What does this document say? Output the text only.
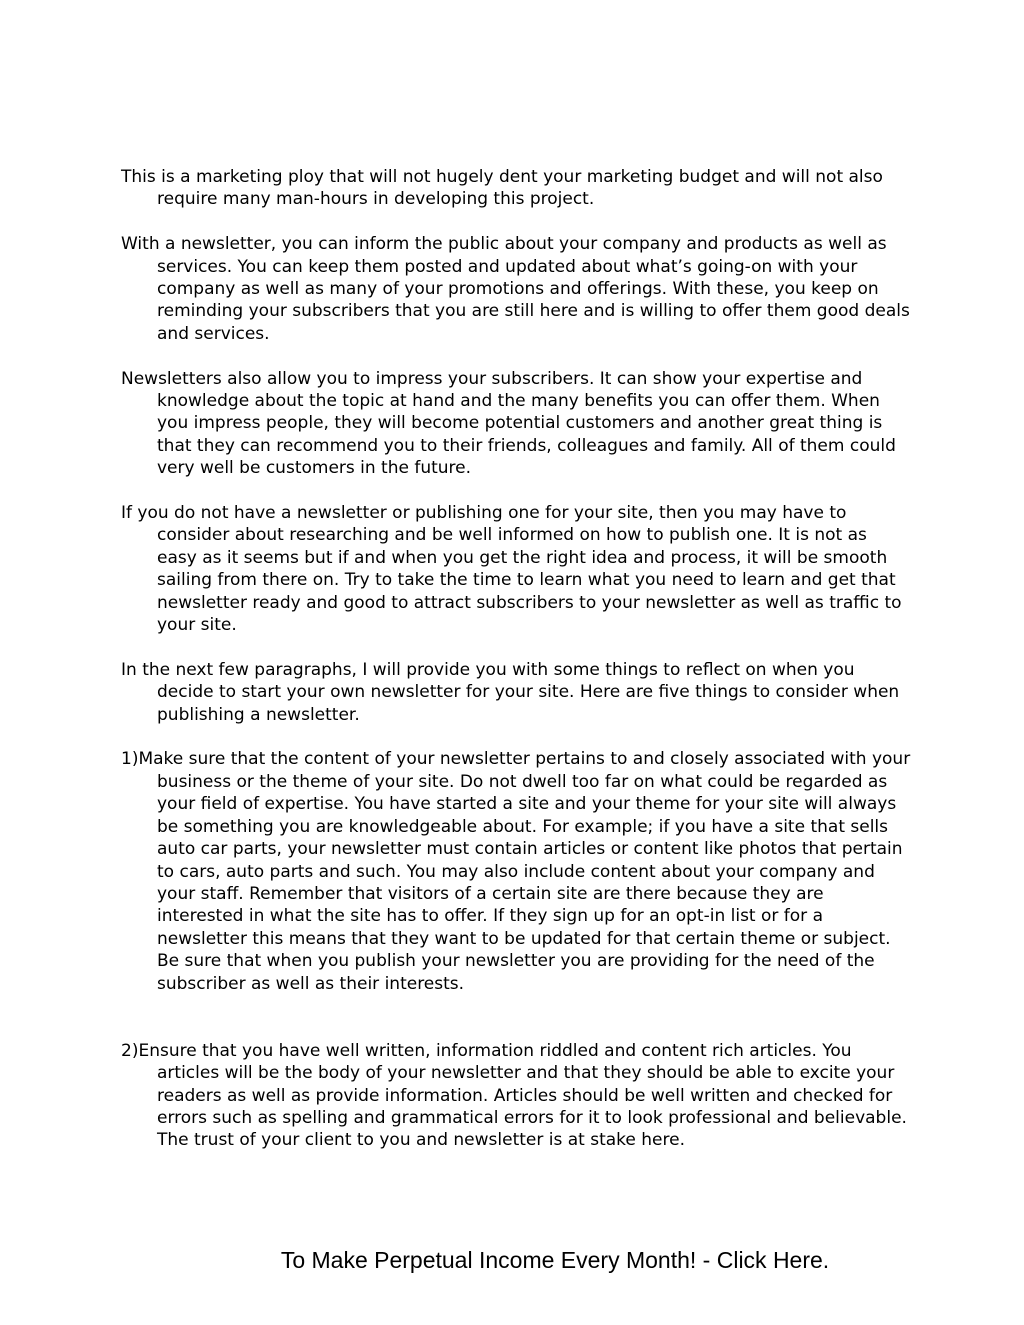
This is a marketing ploy that will not hugely dent your marketing budget and will not also require many man-hours in developing this project.

With a newsletter, you can inform the public about your company and products as well as services. You can keep them posted and updated about what’s going-on with your company as well as many of your promotions and offerings. With these, you keep on reminding your subscribers that you are still here and is willing to offer them good deals and services.

Newsletters also allow you to impress your subscribers. It can show your expertise and knowledge about the topic at hand and the many benefits you can offer them. When you impress people, they will become potential customers and another great thing is that they can recommend you to their friends, colleagues and family. All of them could very well be customers in the future.

If you do not have a newsletter or publishing one for your site, then you may have to consider about researching and be well informed on how to publish one. It is not as easy as it seems but if and when you get the right idea and process, it will be smooth sailing from there on. Try to take the time to learn what you need to learn and get that newsletter ready and good to attract subscribers to your newsletter as well as traffic to your site.

In the next few paragraphs, I will provide you with some things to reflect on when you decide to start your own newsletter for your site. Here are five things to consider when publishing a newsletter.

1)Make sure that the content of your newsletter pertains to and closely associated with your business or the theme of your site. Do not dwell too far on what could be regarded as your field of expertise. You have started a site and your theme for your site will always be something you are knowledgeable about. For example; if you have a site that sells auto car parts, your newsletter must contain articles or content like photos that pertain to cars, auto parts and such. You may also include content about your company and your staff. Remember that visitors of a certain site are there because they are interested in what the site has to offer. If they sign up for an opt-in list or for a newsletter this means that they want to be updated for that certain theme or subject. Be sure that when you publish your newsletter you are providing for the need of the subscriber as well as their interests.

2)Ensure that you have well written, information riddled and content rich articles. You articles will be the body of your newsletter and that they should be able to excite your readers as well as provide information. Articles should be well written and checked for errors such as spelling and grammatical errors for it to look professional and believable. The trust of your client to you and newsletter is at stake here.

To Make Perpetual Income Every Month! - Click Here.
